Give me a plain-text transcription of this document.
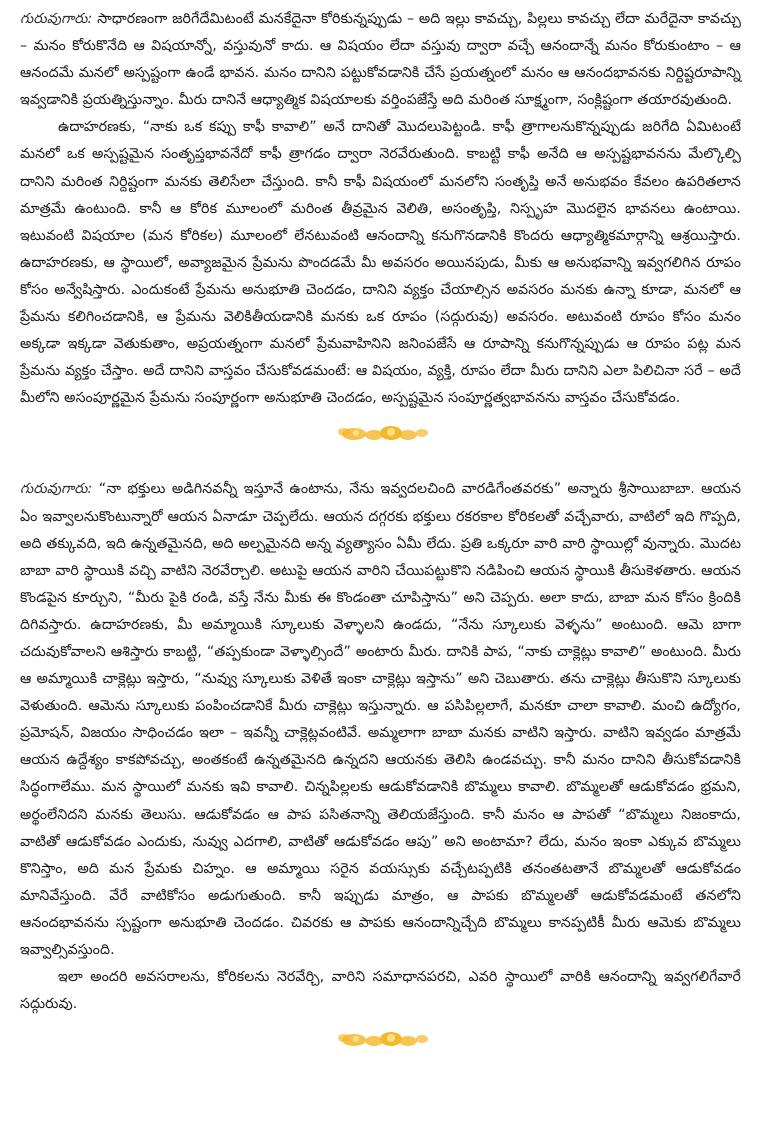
గురువుగారు: సాధారణంగా జరిగేదేమిటంటే మనకేదైనా కోరికున్నప్పుడు – అది ఇల్లు కావచ్చు, పిల్లలు కావచ్చు లేదా మరేదైనా కావచ్చు – మనం కోరుకొనేది ఆ విషయాన్నో, వస్తువునో కాదు. ఆ విషయం లేదా వస్తువు ద్వారా వచ్చే ఆనందాన్నే మనం కోరుకుంటాం – ఆ ఆనందమే మనలో అస్పష్టంగా ఉండే భావన. మనం దానిని పట్టుకోవడానికి చేసే ప్రయత్నంలో మనం ఆ ఆనందభావనకు నిర్దిష్టరూపాన్ని ఇవ్వడానికి ప్రయత్నిస్తున్నాం. మీరు దానినే ఆధ్యాత్మిక విషయాలకు వర్తింపజేస్తే అది మరింత సూక్ష్మంగా, సంక్లిష్టంగా తయారవుతుంది.

ఉదాహరణకు, “నాకు ఒక కప్పు కాఫీ కావాలి” అనే దానితో మొదలుపెట్టండి. కాఫీ త్రాగాలనుకొన్నప్పుడు జరిగేది ఏమిటంటే మనలో ఒక అస్పష్టమైన సంతృప్తభావనేదో కాఫీ త్రాగడం ద్వారా నెరవేరుతుంది. కాబట్టి కాఫీ అనేది ఆ అస్పష్టభావనను మేల్కొల్పి దానిని మరింత నిర్దిష్టంగా మనకు తెలిసేలా చేస్తుంది. కానీ కాఫీ విషయంలో మనలోని సంతృప్తి అనే అనుభవం కేవలం ఉపరితలాన మాత్రమే ఉంటుంది. కానీ ఆ కోరిక మూలంలో మరింత తీవ్రమైన వెలితి, అసంతృప్తి, నిస్పృహ మొదలైన భావనలు ఉంటాయి. ఇటువంటి విషయాల (మన కోరికల) మూలంలో లేనటువంటి ఆనందాన్ని కనుగొనడానికి కొందరు ఆధ్యాత్మికమార్గాన్ని ఆశ్రయిస్తారు. ఉదాహరణకు, ఆ స్థాయిలో, అవ్యాజమైన ప్రేమను పొందడమే మీ అవసరం అయినపుడు, మీకు ఆ అనుభవాన్ని ఇవ్వగలిగిన రూపం కోసం అన్వేషిస్తారు. ఎందుకంటే ప్రేమను అనుభూతి చెందడం, దానిని వ్యక్తం చేయాల్సిన అవసరం మనకు ఉన్నా కూడా, మనలో ఆ ప్రేమను కలిగించడానికి, ఆ ప్రేమను వెలికితీయడానికి మనకు ఒక రూపం (సద్గురువు) అవసరం. అటువంటి రూపం కోసం మనం అక్కడా ఇక్కడా వెతుకుతాం, అప్రయత్నంగా మనలో ప్రేమవాహినిని జనింపజేసే ఆ రూపాన్ని కనుగొన్నప్పుడు ఆ రూపం పట్ల మన ప్రేమను వ్యక్తం చేస్తాం. అదే దానిని వాస్తవం చేసుకోవడమంటే: ఆ విషయం, వ్యక్తి, రూపం లేదా మీరు దానిని ఎలా పిలిచినా సరే – అదే మీలోని అసంపూర్ణమైన ప్రేమను సంపూర్ణంగా అనుభూతి చెందడం, అస్పష్టమైన సంపూర్ణత్వభావనను వాస్తవం చేసుకోవడం.

గురువుగారు: “నా భక్తులు అడిగినవన్నీ ఇస్తూనే ఉంటాను, నేను ఇవ్వదలచింది వారడిగేంతవరకు” అన్నారు శ్రీసాయిబాబా. ఆయన ఏం ఇవ్వాలనుకొంటున్నారో ఆయన ఏనాడూ చెప్పలేదు. ఆయన దగ్గరకు భక్తులు రకరకాల కోరికలతో వచ్చేవారు, వాటిలో ఇది గొప్పది, అది తక్కువది, ఇది ఉన్నతమైనది, అది అల్పమైనది అన్న వ్యత్యాసం ఏమీ లేదు. ప్రతి ఒక్కరూ వారి వారి స్థాయిల్లో వున్నారు. మొదట బాబా వారి స్థాయికి వచ్చి వాటిని నెరవేర్చాలి. అటుపై ఆయన వారిని చేయిపట్టుకొని నడిపించి ఆయన స్థాయికి తీసుకెళతారు. ఆయన కొండపైన కూర్చుని, “మీరు పైకి రండి, వస్తే నేను మీకు ఈ కొండంతా చూపిస్తాను” అని చెప్పరు. అలా కాదు, బాబా మన కోసం క్రిందికి దిగివస్తారు. ఉదాహరణకు, మీ అమ్మాయికి స్కూలుకు వెళ్ళాలని ఉండదు, “నేను స్కూలుకు వెళ్ళను” అంటుంది. ఆమె బాగా చదువుకోవాలని ఆశిస్తారు కాబట్టి, “తప్పకుండా వెళ్ళాల్సిందే” అంటారు మీరు. దానికి పాప, “నాకు చాక్లెట్లు కావాలి” అంటుంది. మీరు ఆ అమ్మాయికి చాక్లెట్లు ఇస్తారు, “నువ్వు స్కూలుకు వెళితే ఇంకా చాక్లెట్లు ఇస్తాను” అని చెబుతారు. తను చాక్లెట్లు తీసుకొని స్కూలుకు వెళుతుంది. ఆమెను స్కూలుకు పంపించడానికే మీరు చాక్లెట్లు ఇస్తున్నారు. ఆ పసిపిల్లలాగే, మనకూ చాలా కావాలి. మంచి ఉద్యోగం, ప్రమోషన్, విజయం సాధించడం ఇలా – ఇవన్నీ చాక్లెట్లవంటివే. అమ్మలాగా బాబా మనకు వాటిని ఇస్తారు. వాటిని ఇవ్వడం మాత్రమే ఆయన ఉద్దేశ్యం కాకపోవచ్చు, అంతకంటే ఉన్నతమైనది ఉన్నదని ఆయనకు తెలిసి ఉండవచ్చు. కానీ మనం దానిని తీసుకోవడానికి సిద్ధంగాలేము. మన స్థాయిలో మనకు ఇవి కావాలి. చిన్నపిల్లలకు ఆడుకోవడానికి బొమ్మలు కావాలి. బొమ్మలతో ఆడుకోవడం భ్రమని, అర్థంలేనిదని మనకు తెలుసు. ఆడుకోవడం ఆ పాప పసితనాన్ని తెలియజేస్తుంది. కానీ మనం ఆ పాపతో “బొమ్మలు నిజంకాదు, వాటితో ఆడుకోవడం ఎందుకు, నువ్వు ఎదగాలి, వాటితో ఆడుకోవడం ఆపు” అని అంటామా? లేదు, మనం ఇంకా ఎక్కువ బొమ్మలు కొనిస్తాం, అది మన ప్రేమకు చిహ్నం. ఆ అమ్మాయి సరైన వయస్సుకు వచ్చేటప్పటికి తనంతటతానే బొమ్మలతో ఆడుకోవడం మానివేస్తుంది. వేరే వాటికోసం అడుగుతుంది. కానీ ఇప్పుడు మాత్రం, ఆ పాపకు బొమ్మలతో ఆడుకోవడమంటే తనలోని ఆనందభావనను స్పష్టంగా అనుభూతి చెందడం. చివరకు ఆ పాపకు ఆనందాన్నిచ్చేది బొమ్మలు కానప్పటికీ మీరు ఆమెకు బొమ్మలు ఇవ్వాల్సివస్తుంది.

ఇలా అందరి అవసరాలను, కోరికలను నెరవేర్చి, వారిని సమాధానపరచి, ఎవరి స్థాయిలో వారికి ఆనందాన్ని ఇవ్వగలిగేవారే సద్గురువు.
